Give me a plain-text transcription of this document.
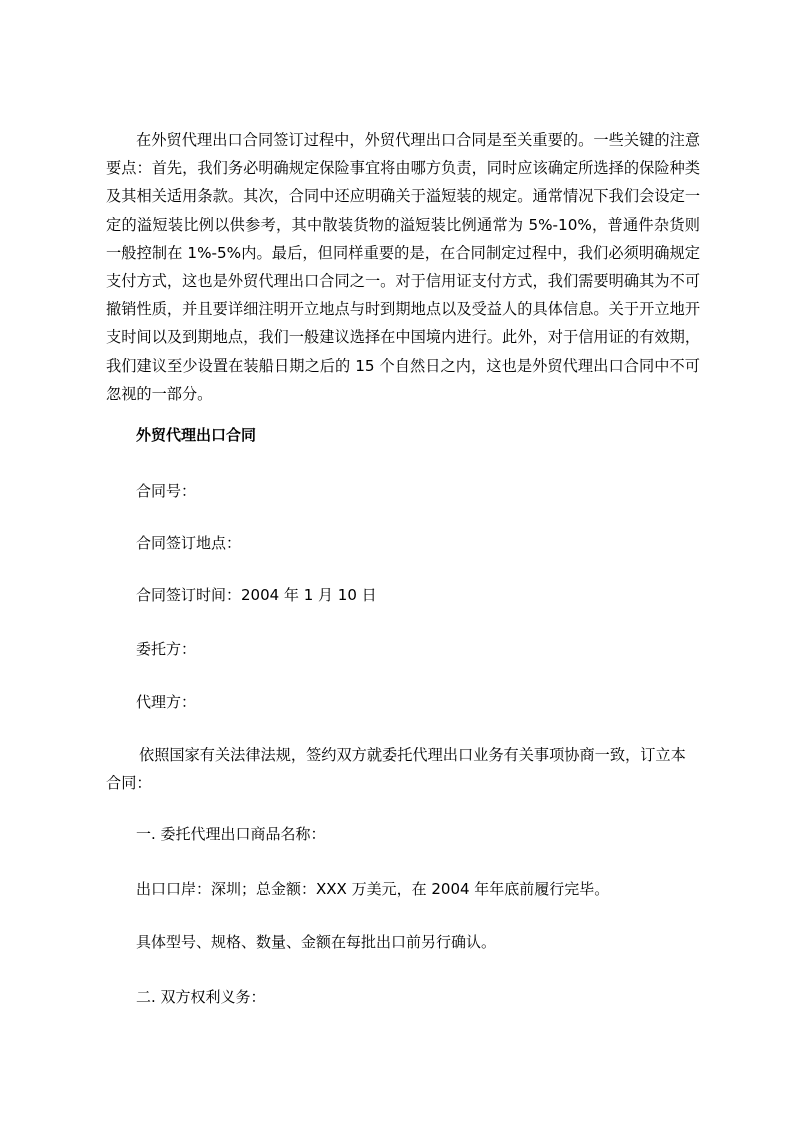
在外贸代理出口合同签订过程中，外贸代理出口合同是至关重要的。一些关键的注意要点：首先，我们务必明确规定保险事宜将由哪方负责，同时应该确定所选择的保险种类及其相关适用条款。其次，合同中还应明确关于溢短装的规定。通常情况下我们会设定一定的溢短装比例以供参考，其中散装货物的溢短装比例通常为 5%-10%，普通件杂货则一般控制在 1%-5%内。最后，但同样重要的是，在合同制定过程中，我们必须明确规定支付方式，这也是外贸代理出口合同之一。对于信用证支付方式，我们需要明确其为不可撤销性质，并且要详细注明开立地点与时到期地点以及受益人的具体信息。关于开立地开支时间以及到期地点，我们一般建议选择在中国境内进行。此外，对于信用证的有效期，我们建议至少设置在装船日期之后的 15 个自然日之内，这也是外贸代理出口合同中不可忽视的一部分。

外贸代理出口合同

合同号：

合同签订地点：

合同签订时间：2004 年 1 月 10 日

委托方：

代理方：

依照国家有关法律法规，签约双方就委托代理出口业务有关事项协商一致，订立本合同：

一. 委托代理出口商品名称：

出口口岸：深圳；总金额：XXX 万美元，在 2004 年年底前履行完毕。

具体型号、规格、数量、金额在每批出口前另行确认。

二. 双方权利义务：
